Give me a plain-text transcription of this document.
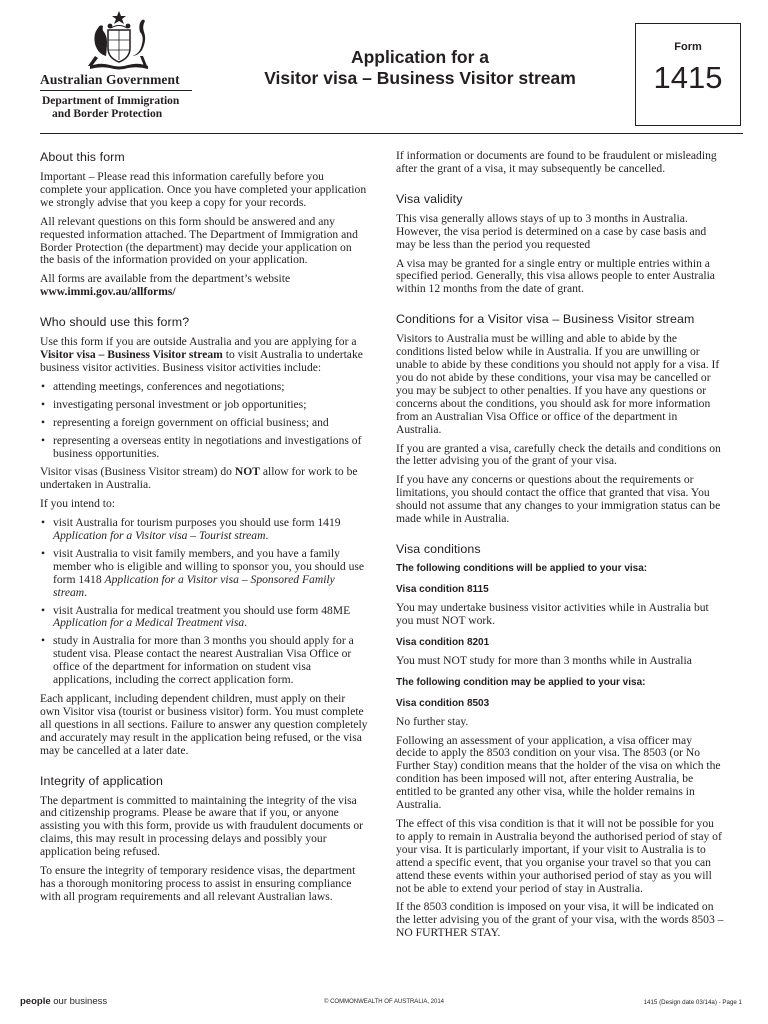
Australian Government
Department of Immigration
and Border Protection
Application for a
Visitor visa – Business Visitor stream
Form
1415
About this form

Important – Please read this information carefully before you complete your application. Once you have completed your application we strongly advise that you keep a copy for your records.

All relevant questions on this form should be answered and any requested information attached. The Department of Immigration and Border Protection (the department) may decide your application on the basis of the information provided on your application.

All forms are available from the department’s website

www.immi.gov.au/allforms/

Who should use this form?

Use this form if you are outside Australia and you are applying for a Visitor visa – Business Visitor stream to visit Australia to undertake business visitor activities. Business visitor activities include:

• attending meetings, conferences and negotiations;
• investigating personal investment or job opportunities;
• representing a foreign government on official business; and
• representing a overseas entity in negotiations and investigations of business opportunities.

Visitor visas (Business Visitor stream) do NOT allow for work to be undertaken in Australia.

If you intend to:

• visit Australia for tourism purposes you should use form 1419 Application for a Visitor visa – Tourist stream.
• visit Australia to visit family members, and you have a family member who is eligible and willing to sponsor you, you should use form 1418 Application for a Visitor visa – Sponsored Family stream.
• visit Australia for medical treatment you should use form 48ME Application for a Medical Treatment visa.
• study in Australia for more than 3 months you should apply for a student visa. Please contact the nearest Australian Visa Office or office of the department for information on student visa applications, including the correct application form.

Each applicant, including dependent children, must apply on their own Visitor visa (tourist or business visitor) form. You must complete all questions in all sections. Failure to answer any question completely and accurately may result in the application being refused, or the visa may be cancelled at a later date.

Integrity of application

The department is committed to maintaining the integrity of the visa and citizenship programs. Please be aware that if you, or anyone assisting you with this form, provide us with fraudulent documents or claims, this may result in processing delays and possibly your application being refused.

To ensure the integrity of temporary residence visas, the department has a thorough monitoring process to assist in ensuring compliance with all program requirements and all relevant Australian laws.

If information or documents are found to be fraudulent or misleading after the grant of a visa, it may subsequently be cancelled.

Visa validity

This visa generally allows stays of up to 3 months in Australia. However, the visa period is determined on a case by case basis and may be less than the period you requested

A visa may be granted for a single entry or multiple entries within a specified period. Generally, this visa allows people to enter Australia within 12 months from the date of grant.

Conditions for a Visitor visa – Business Visitor stream

Visitors to Australia must be willing and able to abide by the conditions listed below while in Australia. If you are unwilling or unable to abide by these conditions you should not apply for a visa. If you do not abide by these conditions, your visa may be cancelled or you may be subject to other penalties. If you have any questions or concerns about the conditions, you should ask for more information from an Australian Visa Office or office of the department in Australia.

If you are granted a visa, carefully check the details and conditions on the letter advising you of the grant of your visa.

If you have any concerns or questions about the requirements or limitations, you should contact the office that granted that visa. You should not assume that any changes to your immigration status can be made while in Australia.

Visa conditions
The following conditions will be applied to your visa:
Visa condition 8115

You may undertake business visitor activities while in Australia but you must NOT work.

Visa condition 8201

You must NOT study for more than 3 months while in Australia

The following condition may be applied to your visa:
Visa condition 8503

No further stay.

Following an assessment of your application, a visa officer may decide to apply the 8503 condition on your visa. The 8503 (or No Further Stay) condition means that the holder of the visa on which the condition has been imposed will not, after entering Australia, be entitled to be granted any other visa, while the holder remains in Australia.

The effect of this visa condition is that it will not be possible for you to apply to remain in Australia beyond the authorised period of stay of your visa. It is particularly important, if your visit to Australia is to attend a specific event, that you organise your travel so that you can attend these events within your authorised period of stay as you will not be able to extend your period of stay in Australia.

If the 8503 condition is imposed on your visa, it will be indicated on the letter advising you of the grant of your visa, with the words 8503 – NO FURTHER STAY.

people our business	© COMMONWEALTH OF AUSTRALIA, 2014	1415 (Design date 03/14a) - Page 1
